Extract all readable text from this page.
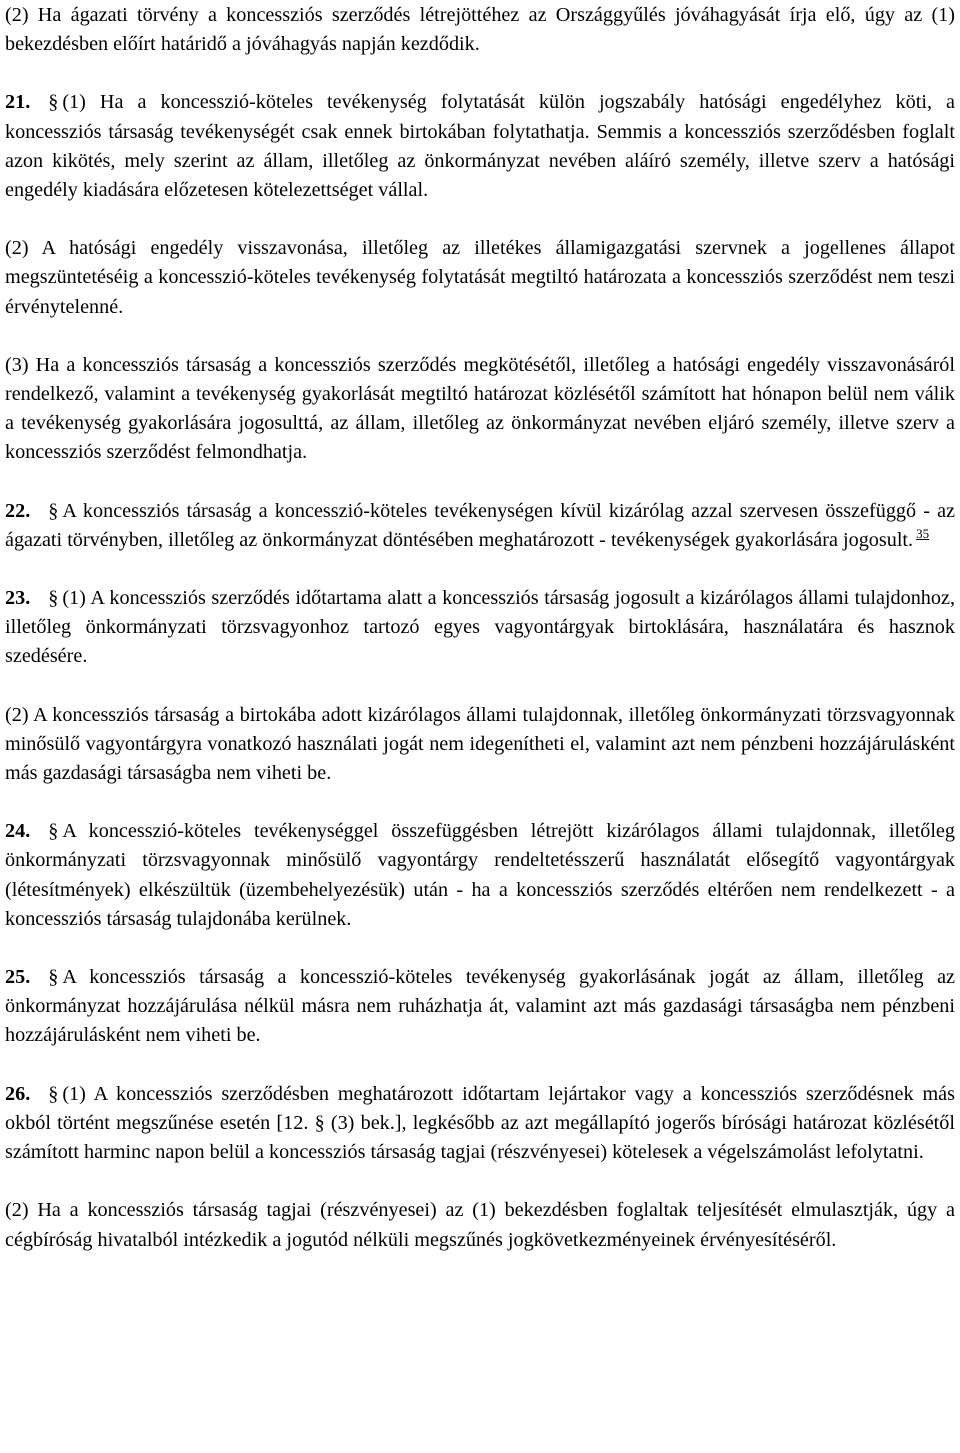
(2) Ha ágazati törvény a koncessziós szerződés létrejöttéhez az Országgyűlés jóváhagyását írja elő, úgy az (1) bekezdésben előírt határidő a jóváhagyás napján kezdődik.

21. § (1) Ha a koncesszió-köteles tevékenység folytatását külön jogszabály hatósági engedélyhez köti, a koncessziós társaság tevékenységét csak ennek birtokában folytathatja. Semmis a koncessziós szerződésben foglalt azon kikötés, mely szerint az állam, illetőleg az önkormányzat nevében aláíró személy, illetve szerv a hatósági engedély kiadására előzetesen kötelezettséget vállal.

(2) A hatósági engedély visszavonása, illetőleg az illetékes államigazgatási szervnek a jogellenes állapot megszüntetéséig a koncesszió-köteles tevékenység folytatását megtiltó határozata a koncessziós szerződést nem teszi érvénytelenné.

(3) Ha a koncessziós társaság a koncessziós szerződés megkötésétől, illetőleg a hatósági engedély visszavonásáról rendelkező, valamint a tevékenység gyakorlását megtiltó határozat közlésétől számított hat hónapon belül nem válik a tevékenység gyakorlására jogosulttá, az állam, illetőleg az önkormányzat nevében eljáró személy, illetve szerv a koncessziós szerződést felmondhatja.

22. § A koncessziós társaság a koncesszió-köteles tevékenységen kívül kizárólag azzal szervesen összefüggő - az ágazati törvényben, illetőleg az önkormányzat döntésében meghatározott - tevékenységek gyakorlására jogosult. $^{35}$

23. § (1) A koncessziós szerződés időtartama alatt a koncessziós társaság jogosult a kizárólagos állami tulajdonhoz, illetőleg önkormányzati törzsvagyonhoz tartozó egyes vagyontárgyak birtoklására, használatára és hasznok szedésére.

(2) A koncessziós társaság a birtokába adott kizárólagos állami tulajdonnak, illetőleg önkormányzati törzsvagyonnak minősülő vagyontárgyra vonatkozó használati jogát nem idegenítheti el, valamint azt nem pénzbeni hozzájárulásként más gazdasági társaságba nem viheti be.

24. § A koncesszió-köteles tevékenységgel összefüggésben létrejött kizárólagos állami tulajdonnak, illetőleg önkormányzati törzsvagyonnak minősülő vagyontárgy rendeltetésszerű használatát elősegítő vagyontárgyak (létesítmények) elkészültük (üzembehelyezésük) után - ha a koncessziós szerződés eltérően nem rendelkezett - a koncessziós társaság tulajdonába kerülnek.

25. § A koncessziós társaság a koncesszió-köteles tevékenység gyakorlásának jogát az állam, illetőleg az önkormányzat hozzájárulása nélkül másra nem ruházhatja át, valamint azt más gazdasági társaságba nem pénzbeni hozzájárulásként nem viheti be.

26. § (1) A koncessziós szerződésben meghatározott időtartam lejártakor vagy a koncessziós szerződésnek más okból történt megszűnése esetén [12. § (3) bek.], legkésőbb az azt megállapító jogerős bírósági határozat közlésétől számított harminc napon belül a koncessziós társaság tagjai (részvényesei) kötelesek a végelszámolást lefolytatni.

(2) Ha a koncessziós társaság tagjai (részvényesei) az (1) bekezdésben foglaltak teljesítését elmulasztják, úgy a cégbíróság hivatalból intézkedik a jogutód nélküli megszűnés jogkövetkezményeinek érvényesítéséről.
